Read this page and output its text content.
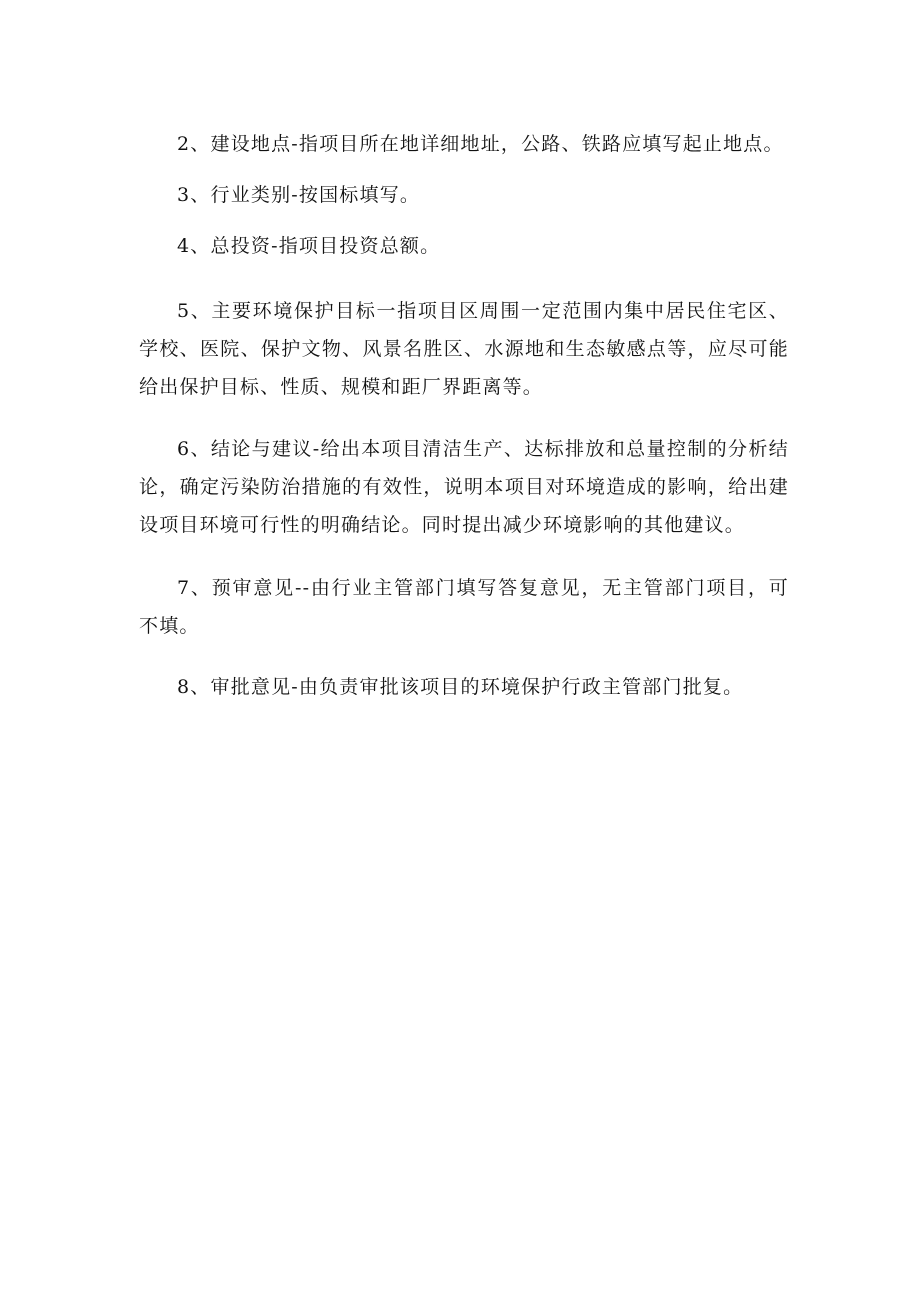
2、建设地点-指项目所在地详细地址，公路、铁路应填写起止地点。

3、行业类别-按国标填写。

4、总投资-指项目投资总额。

5、主要环境保护目标一指项目区周围一定范围内集中居民住宅区、学校、医院、保护文物、风景名胜区、水源地和生态敏感点等，应尽可能给出保护目标、性质、规模和距厂界距离等。

6、结论与建议-给出本项目清洁生产、达标排放和总量控制的分析结论，确定污染防治措施的有效性，说明本项目对环境造成的影响，给出建设项目环境可行性的明确结论。同时提出减少环境影响的其他建议。

7、预审意见--由行业主管部门填写答复意见，无主管部门项目，可不填。

8、审批意见-由负责审批该项目的环境保护行政主管部门批复。
